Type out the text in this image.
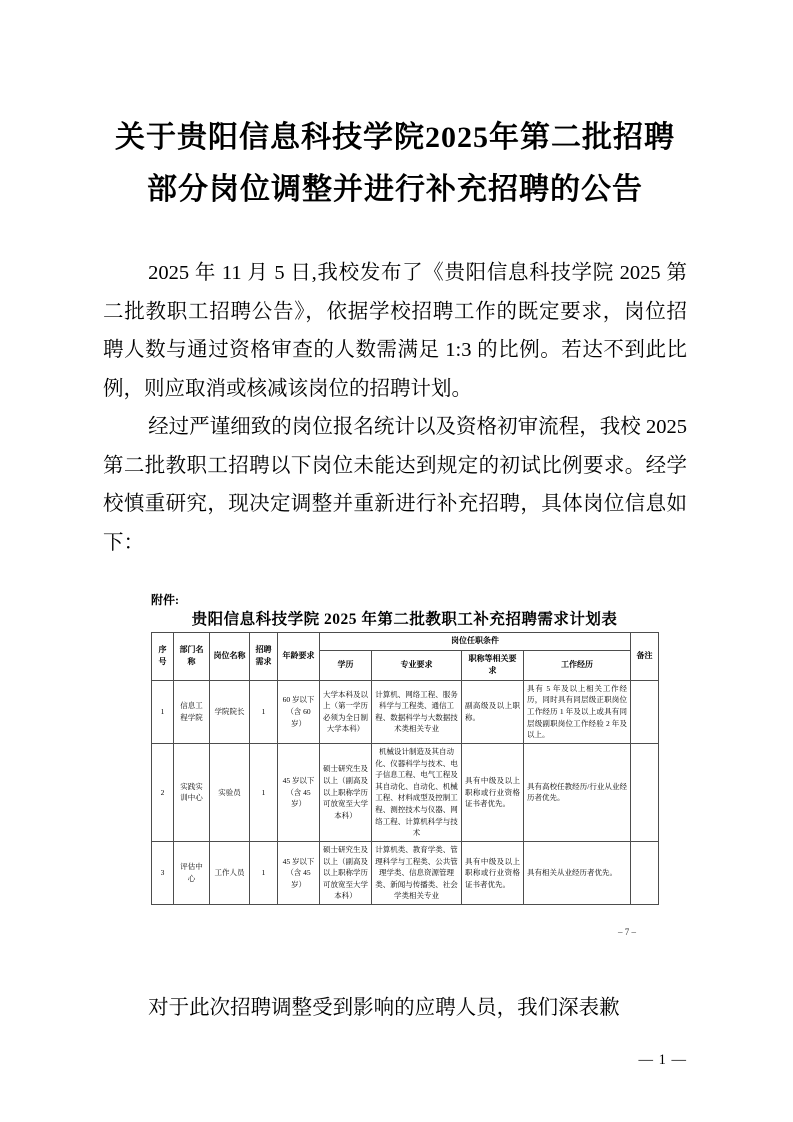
关于贵阳信息科技学院2025年第二批招聘
部分岗位调整并进行补充招聘的公告

2025 年 11 月 5 日,我校发布了《贵阳信息科技学院 2025 第二批教职工招聘公告》，依据学校招聘工作的既定要求，岗位招聘人数与通过资格审查的人数需满足 1:3 的比例。若达不到此比例，则应取消或核减该岗位的招聘计划。

经过严谨细致的岗位报名统计以及资格初审流程，我校 2025 第二批教职工招聘以下岗位未能达到规定的初试比例要求。经学校慎重研究，现决定调整并重新进行补充招聘，具体岗位信息如下：

附件:
贵阳信息科技学院 2025 年第二批教职工补充招聘需求计划表
序号	部门名称	岗位名称	招聘需求	年龄要求	岗位任职条件				备注
					学历	专业要求	职称等相关要求	工作经历	
1	信息工程学院	学院院长	1	60 岁以下（含 60 岁）	大学本科及以上（第一学历必须为全日制大学本科）	计算机、网络工程、服务科学与工程类、通信工程、数据科学与大数据技术类相关专业	副高级及以上职称。	具有 5 年及以上相关工作经历，同时具有同层级正职岗位工作经历 1 年及以上或具有同层级副职岗位工作经验 2 年及以上。	
2	实践实训中心	实验员	1	45 岁以下（含 45 岁）	硕士研究生及以上（副高及以上职称学历可放宽至大学本科）	机械设计制造及其自动化、仪器科学与技术、电子信息工程、电气工程及其自动化、自动化、机械工程、材料成型及控制工程、测控技术与仪器、网络工程、计算机科学与技术	具有中级及以上职称或行业资格证书者优先。	具有高校任教经历/行业从业经历者优先。	
3	评估中心	工作人员	1	45 岁以下（含 45 岁）	硕士研究生及以上（副高及以上职称学历可放宽至大学本科）	计算机类、教育学类、管理科学与工程类、公共管理学类、信息资源管理类、新闻与传播类、社会学类相关专业	具有中级及以上职称或行业资格证书者优先。	具有相关从业经历者优先。	
– 7 –

对于此次招聘调整受到影响的应聘人员，我们深表歉

— 1 —
